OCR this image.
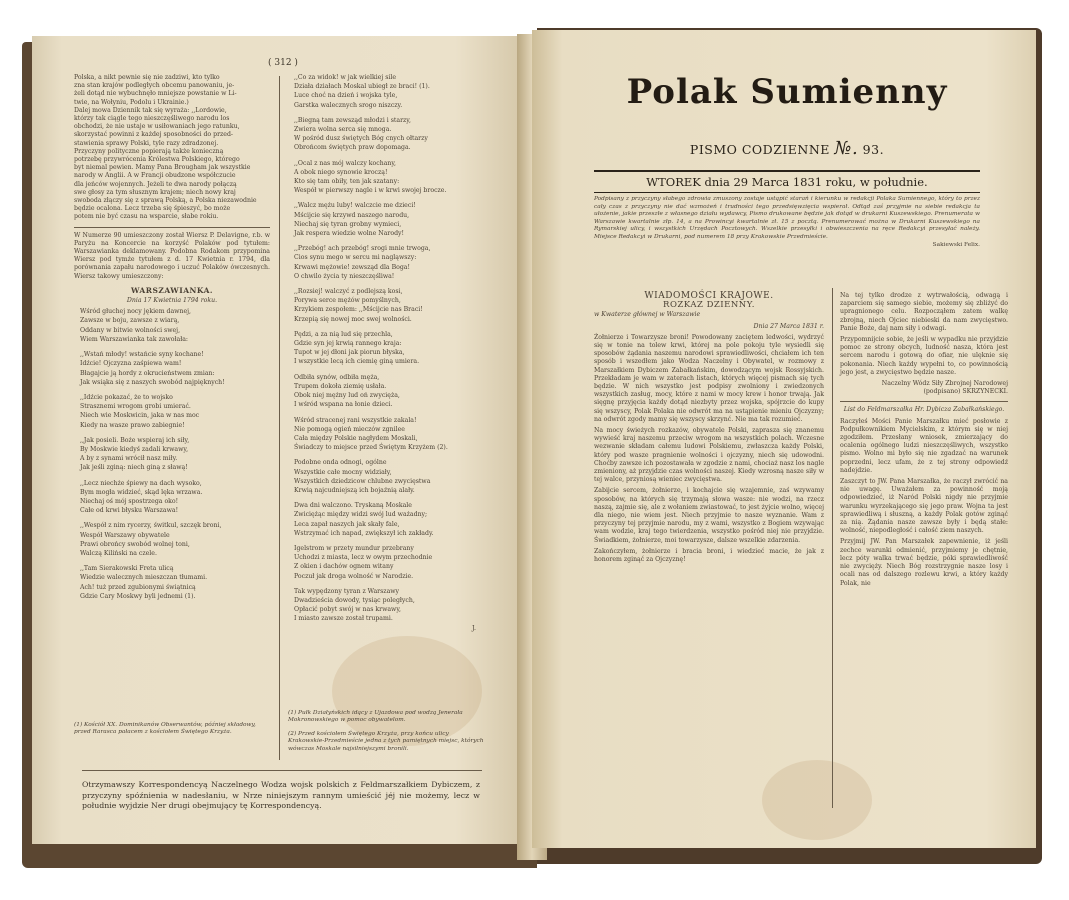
( 312 )
Polska, a nikt pewnie się nie zadziwi, kto tylko
zna stan krajów podległych obcemu panowaniu, je-
żeli dotąd nie wybuchnęło mniejsze powstanie w Li-
twie, na Wołyniu, Podolu i Ukrainie.)
Dalej mowa Dziennik tak się wyraża: ,,Lordowie,
którzy tak ciągle tego nieszczęśliwego narodu los
obchodzi, że nie ustaje w usiłowaniach jego ratunku,
skorzystać powinni z każdej sposobności do przed-
stawienia sprawy Polski, tyle razy zdradzonej.
Przyczyny polityczne popierają także konieczną
potrzebę przywrócenia Królestwa Polskiego, którego
byt niemal pewien. Mamy Pana Brougham jak wszystkie
narody w Anglii. A w Francji obudzone współczucie
dla jeńców wojennych. Jeżeli te dwa narody połączą
swe głosy za tym słusznym krajem; niech nowy kraj
swoboda złączy się z sprawą Polską, a Polska niezawodnie
będzie ocalona. Lecz trzeba się śpieszyć, bo może
potem nie być czasu na wsparcie, słabe rokiu.

W Numerze 90 umieszczony został Wiersz P. Delavigne, r.b. w Paryżu na Koncercie na korzyść Polaków pod tytułem: Warszawianka deklamowany. Podobna Rodakom przypomina Wiersz pod tymże tytułem z d. 17 Kwietnia r. 1794, dla porównania zapału narodowego i uczuć Polaków ówczesnych. Wiersz takowy umieszczony:

WARSZAWIANKA.
Dnia 17 Kwietnia 1794 roku.
Wśród głuchej nocy jękiem dawnej,
Zawsze w boju, zawsze z wiarą,
Oddany w bitwie wolności swej,
Wiem Warszawianka tak zawołała:
,,Wstań młody! wstańcie syny kochane!
Idźcie! Ojczyzna zaśpiewa wam!
Błagajcie ją hordy z okrucieństwem zmian:
Jak wsiąka się z naszych swobód najpięknych!
,,Idźcie pokazać, że to wojsko
Strasznemi wrogom grobi umierać.
Niech wie Moskwicin, jaka w nas moc
Kiedy na wasze prawo zabiegnie!
,,Jak posieli. Boże wspieraj ich siły,
By Moskwie kiedyś zadali krwawy,
A by z synami wrócił nasz miły.
Jak jeśli zginą: niech giną z sławą!
,,Lecz niechże śpiewy na dach wysoko,
Bym mogła widzieć, skąd lęka wrzawa.
Niechaj oś mój spostrzega oko!
Całe od krwi błysku Warszawa!
,,Wespół z nim rycerzy, świtkul, szczęk broni,
Wespół Warszawy obywatele
Prawi obrońcy swobód wolnej toni,
Walczą Kiliński na czele.
,,Tam Sierakowski Freta ulicą
Wiedzie walecznych mieszczan tłumami.
Ach! tuż przed zgubionymi świątnicą
Gdzie Cary Moskwy byli jednemi (1).
,,Co za widok! w jak wielkiej sile
Działa działach Moskal ubiegł ze braci! (1).
Luce choć na dzień i wojska tyle,
Garstka walecznych srogo niszczy.
,,Biegną tam zewsząd młodzi i starzy,
Zwiera wolna serca się mnoga.
W pośród dusz świętych Bóg cnych ołtarzy
Obrońcom świętych praw dopomaga.
,,Ocal z nas mój walczy kochany,
A obok niego synowie kroczą!
Kto się tam obiły, ten jak szatany:
Wespół w pierwszy nagle i w krwi swojej brocze.
,,Walcz mężu luby! walczcie me dzieci!
Mścijcie się krzywd naszego narodu,
Niechaj się tyran grobny wymieci,
Jak respera wiedzie wolne Narody!
,,Przebóg! ach przebóg! srogi mnie trwoga,
Cios synu mego w sercu mi nagląwszy:
Krwawi mężowie! zewsząd dla Boga!
O chwilo życia ty nieszczęśliwa!
,,Rozsiej! walczyć z podlejszą kosi,
Porywa serce mężów pomyślnych,
Krzykiem zespołem: ,,Mścijcie nas Braci!
Krzepią się nowej moc swej wolności.
Pędzi, a za nią lud się przechla,
Gdzie syn jej krwią rannego kraja:
Tupot w jej dłoni jak piorun błyska,
I wszystkie lecą ich ciemię giną umiera.
Odbiła synów, odbiła męża,
Trupem dokoła ziemię usłała.
Obok niej mężny lud oń zwycięża,
I wśród wspana na łonie dzieci.
Wśród stracenej rani wszystkie zakala!
Nie pomogą ogień mieczów zgnilee
Cała między Polskie nagłydem Moskali,
Świadczy to miejsce przed Świętym Krzyżem (2).
Podobne onda odnogi, ogólne
Wszystkie całe mocny widziały,
Wszystkich dziedzicow chlubne zwycięstwa
Krwią najcudniejszą ich bojaźnią alały.
Dwa dni walczono. Tryskaną Moskale
Zwiciężąc między widzi swój lud ważadny;
Leca zapał naszych jak skały fale,
Wstrzymać ich napad, zwiększył ich zakłady.
Igelstrom w przety mundur przebrany
Uchodzi z miasta, lecz w owym przechodnie
Z okien i dachów ognem witany
Poczuł jak droga wolność w Narodzie.
Tak wypędzony tyran z Warszawy
Dwadzieścia dowody, tysiąc poległych,
Opłacić pobyt swój w nas krwawy,
I miasto zawsze został trupami.
J.

(1) Kościół XX. Dominikanów Obserwantów, później składowy, przed Rarasca pałacem z kościołem Świętego Krzyża.

(1) Pułk Działyńskich idący z Ujazdowa pod wodzą Jenerała Mokronowskiego w pomoc obywatelom.

(2) Przed kościołem Świętego Krzyża, przy końcu ulicy Krakowskie-Przedmieście jedna z tych pamiętnych miejsc, których wówczas Moskale najsilniejszymi bronili.

Otrzymawszy Korrespondencyą Naczelnego Wodza wojsk polskich z Feldmarszałkiem Dybiczem, z przyczyny spóźnienia w nadesłaniu, w Nrze niniejszym rannym umieścić jéj nie możemy, lecz w południe wyjdzie Ner drugi obejmujący tę Korrespondencyą.
Polak Sumienny
PISMO CODZIENNE №. 93.
WTOREK dnia 29 Marca 1831 roku, w południe.
Podpisany z przyczyny słabego zdrowia zmuszony zostaje ustąpić starań i kierunku w redakcji Polaka Sumiennego, który to przez cały czas z przyczyny nie dać wzmożeń i trudności tego przedsięwzięcia wspierał. Odtąd zaś przyjmie na siebie redakcja ta ułożenie, jakie przeszłe z własnego działu wydawcy, Pismo drukowane będzie jak dotąd w drukarni Kuszewskiego. Prenumerata w Warszawie kwartalnie złp. 14, a na Prowincyi kwartalnie zł. 15 z pocztą. Prenumerować można w Drukarni Kuszewskiego na Rymarskiej ulicy, i wszystkich Urzędach Pocztowych. Wszelkie przesyłki i obwieszczenia na ręce Redakcyi przesyłać należy. Miejsce Redakcyi w Drukarni, pod numerem 18 przy Krakowskie Przedmieście.
Sakiewski Felix.
WIADOMOŚCI KRAJOWE.
ROZKAZ DZIENNY.
w Kwaterze głównej w Warszawie
Dnia 27 Marca 1831 r.

Żołnierze i Towarzysze broni! Powodowany zaciętem ledwości, wydrzyć się w tonie na tolew krwi, której na pole pokoju tyle wysiedli się sposobów żądania naszemu narodowi sprawiedliwości, chciałem ich ten sposób i wszedłem jako Wodza Naczelny i Obywatel, w rozmowy z Marszałkiem Dybiczem Zabałkańskim, dowodzącym wojsk Rossyjskich. Przekładam je wam w zaterach listach, których więcej pismach się tych będzie. W nich wszystko jest podpisy zwolniony i zwiedzonych wszystkich zasług, mocy, które z nami w mocy krew i honor trwają. Jak sięgnę przyjęcia każdy dotąd niezbyty przez wojska, spójrzcie do kupy się wszyscy, Polak Polaka nie odwrót ma na ustąpienie mieniu Ojczyzny; na odwrót zgody mamy się wszyscy skrzynć. Nie ma tak rozumieć.

Na mocy świeżych rozkazów, obywatele Polski, zaprasza się znanemu wywieść kraj naszemu przeciw wrogom na wszystkich polach. Wczesne wezwanie składam całemu ludowi Polskiemu, zwłaszcza każdy Polski, który pod wasze pragnienie wolności i ojczyzny, niech się udowodni. Choćby zawsze ich pozostawała w zgodzie z nami, chociaż nasz los nagle zmieniony, aż przyjdzie czas wolności naszej. Kiedy wzrosną nasze siły w tej walce, przyniosą wieniec zwycięstwa.

Zabijcie sercem, żołnierze, i kochajcie się wzajemnie, zaś wzywamy sposobów, na których się trzymają słowa wasze: nie wodzi, na rzecz naszą, zajmie się, ale z wołaniem zwiastować, to jest żyjcie wolno, więcej dla niego, nie wiem jest. Niech przyjmie to nasze wyznanie. Wam z przyczyny tej przyjmie narodu, my z wami, wszystko z Bogiem wzywając wam wodzie, kraj tego twierdzenia, wszystko pośród niej nie przyjdzie. Świadkiem, żołnierze, moi towarzysze, dalsze wszelkie zdarzenia.

Zakończyłem, żołnierze i bracia broni, i wiedzieć macie, że jak z honorem zginąć za Ojczyznę!

Na tej tylko drodze z wytrwałością, odwagą i zaparciem się samego siebie, możemy się zbliżyć do upragnionego celu. Rozpocząłem zatem walkę zbrojną, niech Ojciec niebieski da nam zwycięstwo. Panie Boże, daj nam siły i odwagi.

Przypomnijcie sobie, że jeśli w wypadku nie przyjdzie pomoc ze strony obcych, ludność nasza, która jest sercem narodu i gotową do ofiar, nie ulęknie się pokonania. Niech każdy wypełni to, co powinnością jego jest, a zwycięstwo będzie nasze.

Naczelny Wódz Siły Zbrojnej Narodowej

(podpisano) SKRZYNECKI.

List do Feldmarszałka Hr. Dybicza Zabałkańskiego.

Raczyłeś Mości Panie Marszałku mieć posłowie z Podpułkownikiem Mycielskim, z którym się w niej zgodziłem. Przesłany wniosek, zmierzający do ocalenia ogólnego ludzi nieszczęśliwych, wszystko pismo. Wolno mi było się nie zgadzać na warunek poprzedni, lecz ufam, że z tej strony odpowiedź nadejdzie.

Zaszczyt to JW. Pana Marszałka, że raczył zwrócić na nie uwagę. Uważałem za powinność moją odpowiedzieć, iż Naród Polski nigdy nie przyjmie warunku wyrzekającego się jego praw. Wojna ta jest sprawiedliwą i słuszną, a każdy Polak gotów zginąć za nią. Żądania nasze zawsze były i będą stałe: wolność, niepodległość i całość ziem naszych.

Przyjmij JW. Pan Marszałek zapewnienie, iż jeśli zechce warunki odmienić, przyjmiemy je chętnie, lecz póty walka trwać będzie, póki sprawiedliwość nie zwycięży. Niech Bóg rozstrzygnie nasze losy i ocali nas od dalszego rozlewu krwi, a który każdy Polak, nie
